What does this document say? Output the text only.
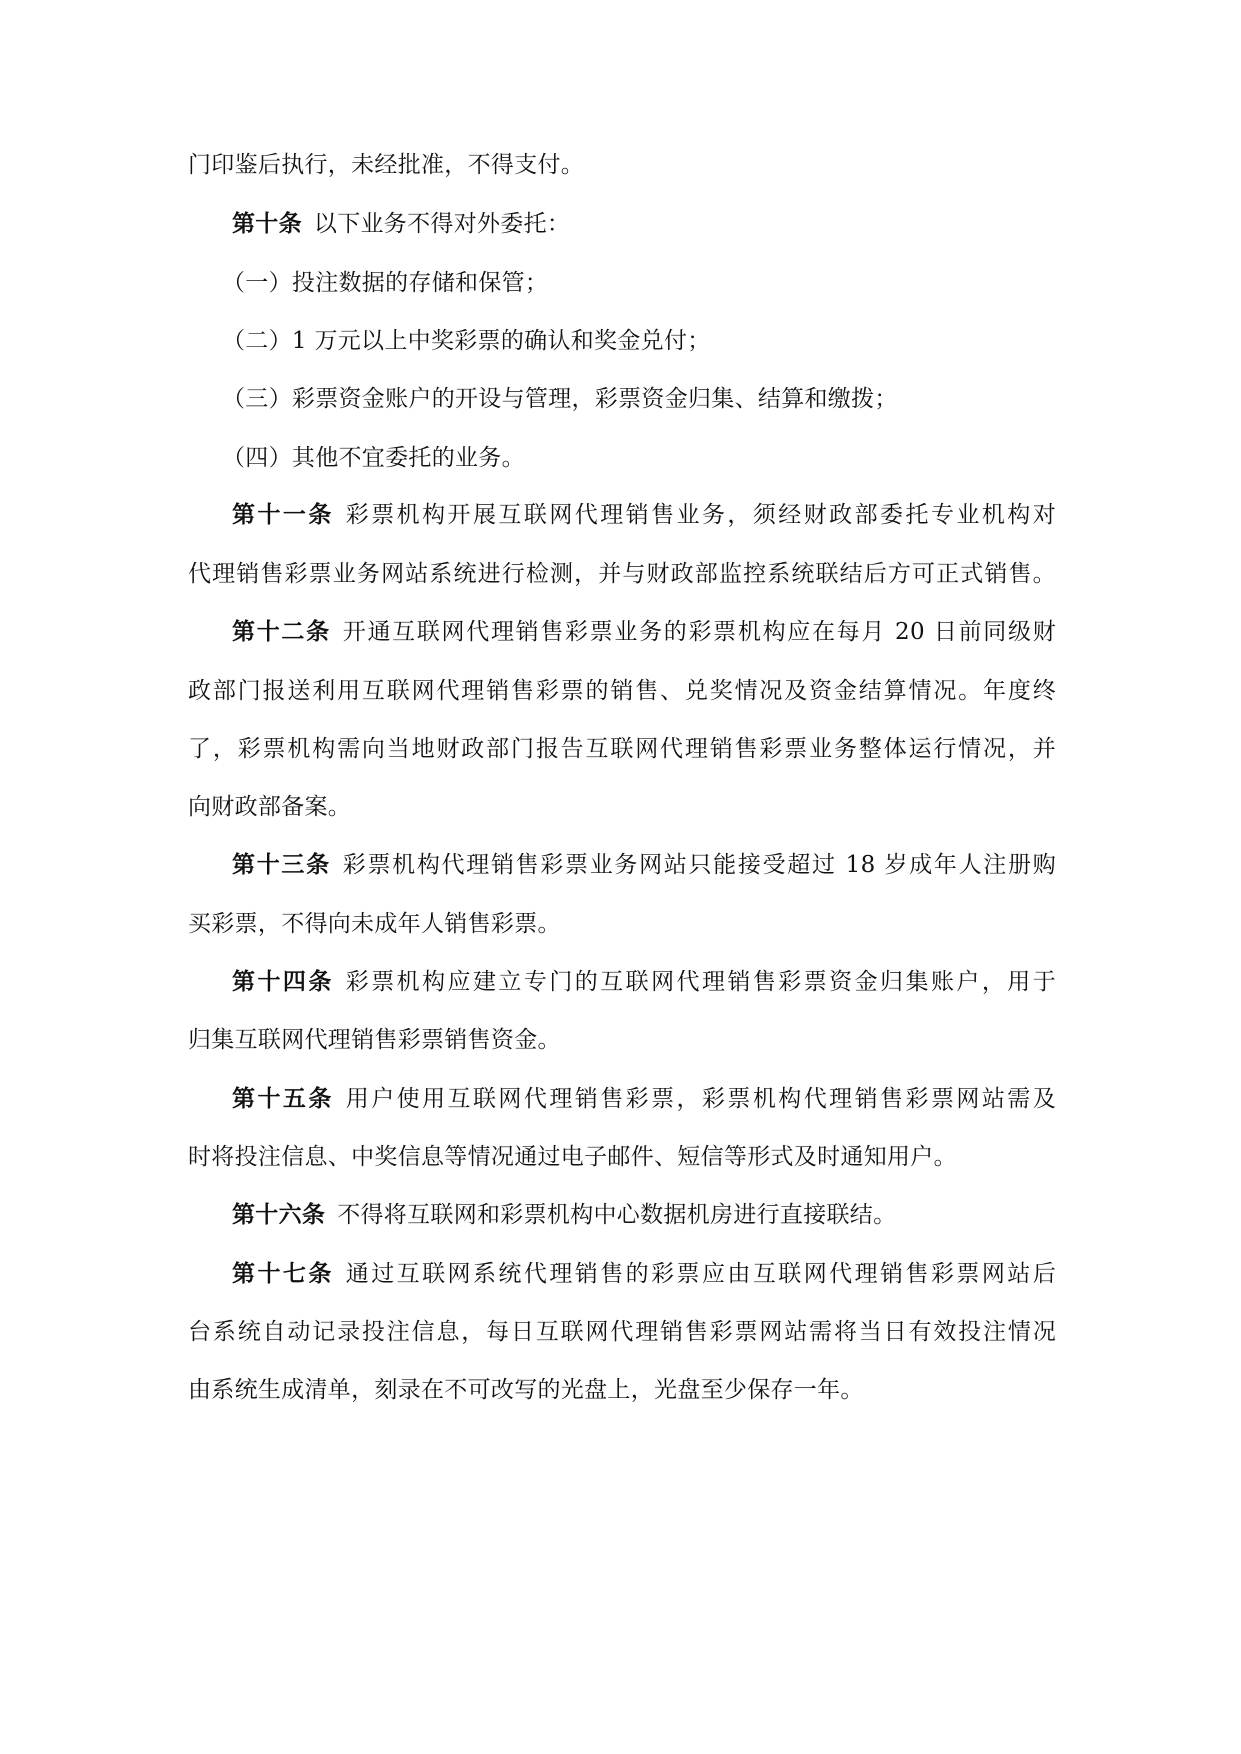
门印鉴后执行，未经批准，不得支付。
第十条 以下业务不得对外委托：
（一）投注数据的存储和保管；
（二）1 万元以上中奖彩票的确认和奖金兑付；
（三）彩票资金账户的开设与管理，彩票资金归集、结算和缴拨；
（四）其他不宜委托的业务。
第十一条 彩票机构开展互联网代理销售业务，须经财政部委托专业机构对
代理销售彩票业务网站系统进行检测，并与财政部监控系统联结后方可正式销售。
第十二条 开通互联网代理销售彩票业务的彩票机构应在每月 20 日前同级财
政部门报送利用互联网代理销售彩票的销售、兑奖情况及资金结算情况。年度终
了，彩票机构需向当地财政部门报告互联网代理销售彩票业务整体运行情况，并
向财政部备案。
第十三条 彩票机构代理销售彩票业务网站只能接受超过 18 岁成年人注册购
买彩票，不得向未成年人销售彩票。
第十四条 彩票机构应建立专门的互联网代理销售彩票资金归集账户，用于
归集互联网代理销售彩票销售资金。
第十五条 用户使用互联网代理销售彩票，彩票机构代理销售彩票网站需及
时将投注信息、中奖信息等情况通过电子邮件、短信等形式及时通知用户。
第十六条 不得将互联网和彩票机构中心数据机房进行直接联结。
第十七条 通过互联网系统代理销售的彩票应由互联网代理销售彩票网站后
台系统自动记录投注信息，每日互联网代理销售彩票网站需将当日有效投注情况
由系统生成清单，刻录在不可改写的光盘上，光盘至少保存一年。
